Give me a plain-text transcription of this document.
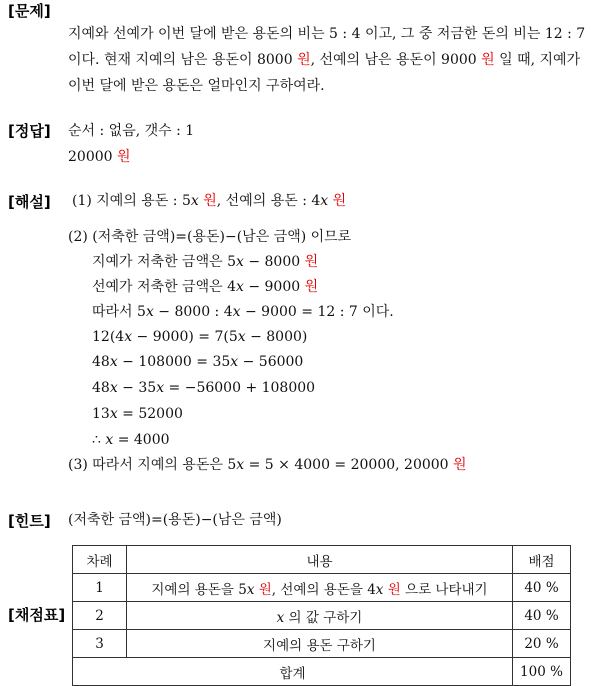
[문제]
[정답]
[해설]
[힌트]
[채점표]
지예와 선예가 이번 달에 받은 용돈의 비는 5 : 4 이고, 그 중 저금한 돈의 비는 12 : 7
이다. 현재 지예의 남은 용돈이 8000 원, 선예의 남은 용돈이 9000 원 일 때, 지예가
이번 달에 받은 용돈은 얼마인지 구하여라.
순서 : 없음, 갯수 : 1
20000 원
(1) 지예의 용돈 : 5x 원, 선예의 용돈 : 4x 원
(2) (저축한 금액)=(용돈)−(남은 금액) 이므로
지예가 저축한 금액은 5x − 8000 원
선예가 저축한 금액은 4x − 9000 원
따라서 5x − 8000 : 4x − 9000 = 12 : 7 이다.
12(4x − 9000) = 7(5x − 8000)
48x − 108000 = 35x − 56000
48x − 35x = −56000 + 108000
13x = 52000
∴ x = 4000
(3) 따라서 지예의 용돈은 5x = 5 × 4000 = 20000, 20000 원
(저축한 금액)=(용돈)−(남은 금액)
차례	내용	배점
1	지예의 용돈을 5x 원, 선예의 용돈을 4x 원 으로 나타내기	40 %
2	x 의 값 구하기	40 %
3	지예의 용돈 구하기	20 %
합계		100 %
